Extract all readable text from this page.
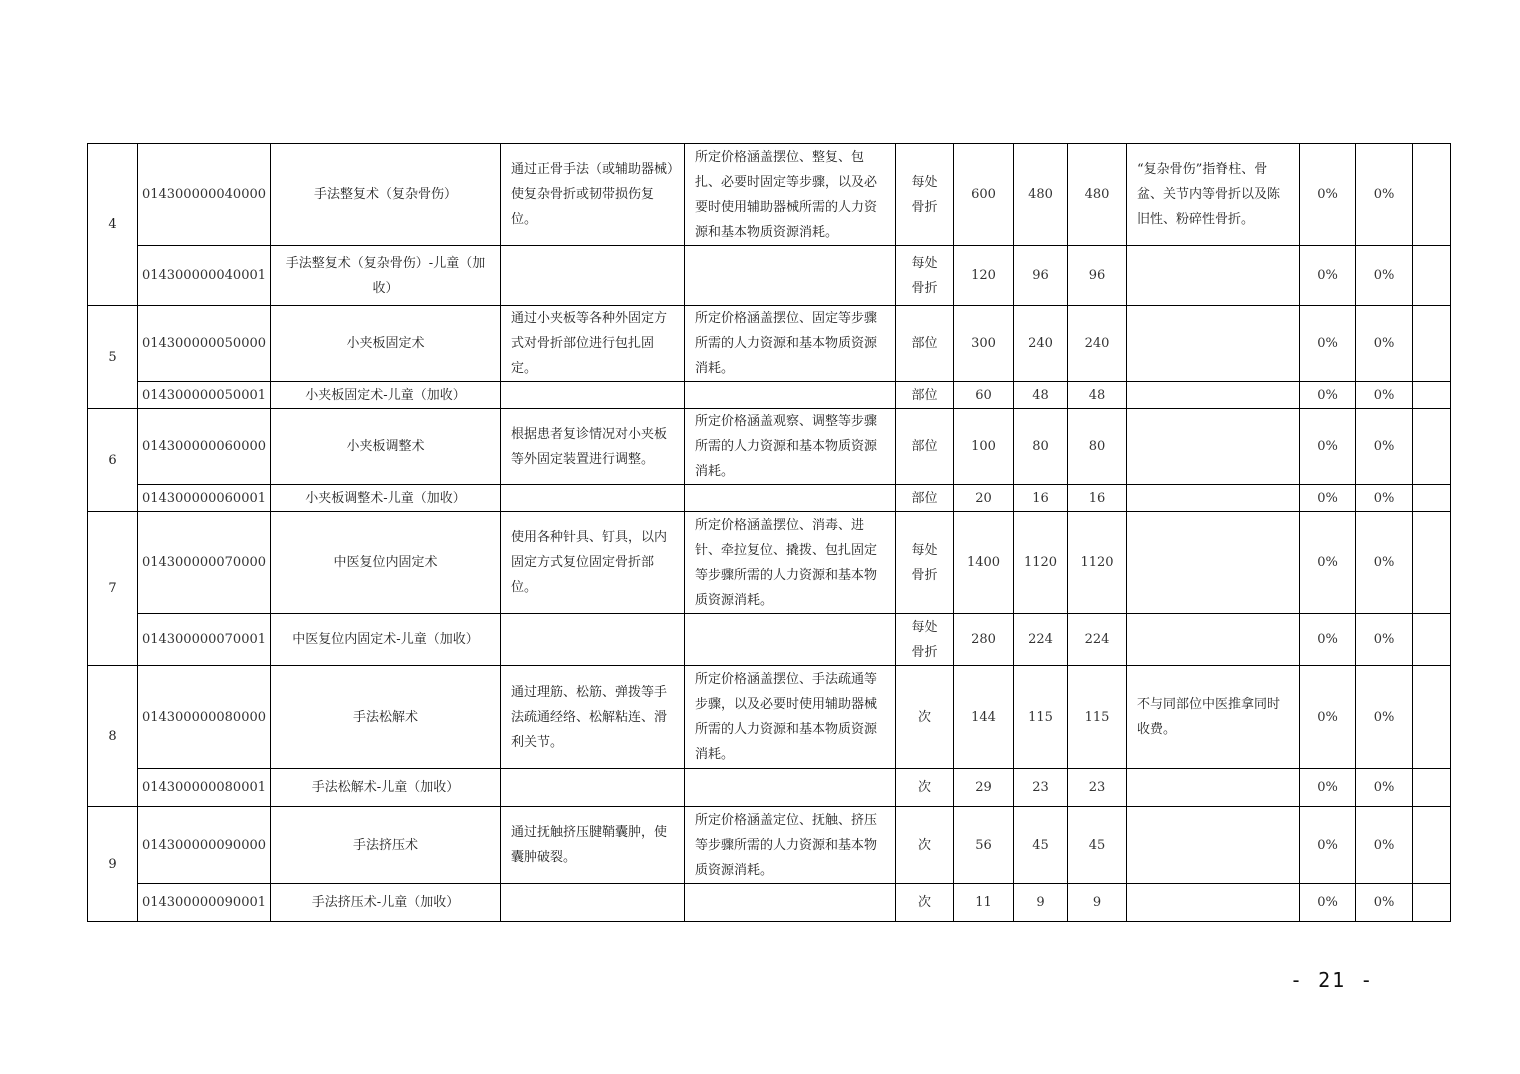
4	014300000040000	手法整复术（复杂骨伤）	通过正骨手法（或辅助器械）使复杂骨折或韧带损伤复位。	所定价格涵盖摆位、整复、包扎、必要时固定等步骤，以及必要时使用辅助器械所需的人力资源和基本物质资源消耗。	每处骨折	600	480	480	“复杂骨伤”指脊柱、骨盆、关节内等骨折以及陈旧性、粉碎性骨折。	0%	0%	
	014300000040001	手法整复术（复杂骨伤）-儿童（加收）			每处骨折	120	96	96		0%	0%	
5	014300000050000	小夹板固定术	通过小夹板等各种外固定方式对骨折部位进行包扎固定。	所定价格涵盖摆位、固定等步骤所需的人力资源和基本物质资源消耗。	部位	300	240	240		0%	0%	
	014300000050001	小夹板固定术-儿童（加收）			部位	60	48	48		0%	0%	
6	014300000060000	小夹板调整术	根据患者复诊情况对小夹板等外固定装置进行调整。	所定价格涵盖观察、调整等步骤所需的人力资源和基本物质资源消耗。	部位	100	80	80		0%	0%	
	014300000060001	小夹板调整术-儿童（加收）			部位	20	16	16		0%	0%	
7	014300000070000	中医复位内固定术	使用各种针具、钉具，以内固定方式复位固定骨折部位。	所定价格涵盖摆位、消毒、进针、牵拉复位、撬拨、包扎固定等步骤所需的人力资源和基本物质资源消耗。	每处骨折	1400	1120	1120		0%	0%	
	014300000070001	中医复位内固定术-儿童（加收）			每处骨折	280	224	224		0%	0%	
8	014300000080000	手法松解术	通过理筋、松筋、弹拨等手法疏通经络、松解粘连、滑利关节。	所定价格涵盖摆位、手法疏通等步骤，以及必要时使用辅助器械所需的人力资源和基本物质资源消耗。	次	144	115	115	不与同部位中医推拿同时收费。	0%	0%	
	014300000080001	手法松解术-儿童（加收）			次	29	23	23		0%	0%	
9	014300000090000	手法挤压术	通过抚触挤压腱鞘囊肿，使囊肿破裂。	所定价格涵盖定位、抚触、挤压等步骤所需的人力资源和基本物质资源消耗。	次	56	45	45		0%	0%	
	014300000090001	手法挤压术-儿童（加收）			次	11	9	9		0%	0%	
- 21 -
